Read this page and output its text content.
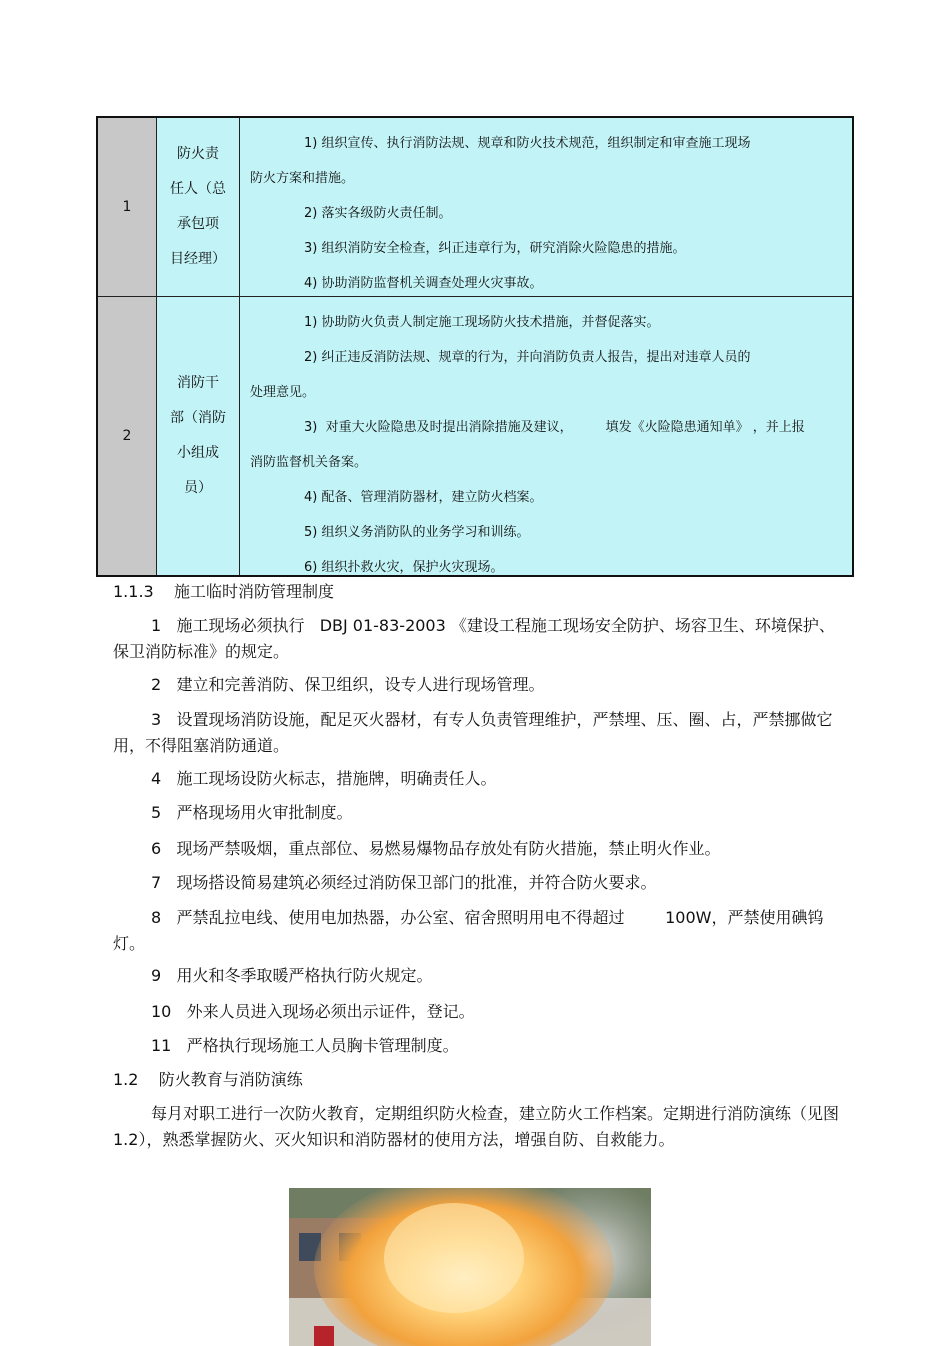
1
防火责
任人（总
承包项
目经理）

1) 组织宣传、执行消防法规、规章和防火技术规范，组织制定和审查施工现场

防火方案和措施。

2) 落实各级防火责任制。

3) 组织消防安全检查，纠正违章行为，研究消除火险隐患的措施。

4) 协助消防监督机关调查处理火灾事故。

2
消防干
部（消防
小组成
员）

1) 协助防火负责人制定施工现场防火技术措施，并督促落实。

2) 纠正违反消防法规、规章的行为，并向消防负责人报告，提出对违章人员的

处理意见。

3)  对重大火险隐患及时提出消除措施及建议，        填发《火险隐患通知单》 ，并上报

消防监督机关备案。

4) 配备、管理消防器材，建立防火档案。

5) 组织义务消防队的业务学习和训练。

6) 组织扑救火灾，保护火灾现场。

1.1.3    施工临时消防管理制度

1   施工现场必须执行   DBJ 01-83-2003 《建设工程施工现场安全防护、场容卫生、环境保护、保卫消防标准》的规定。

2   建立和完善消防、保卫组织，设专人进行现场管理。

3   设置现场消防设施，配足灭火器材，有专人负责管理维护，严禁埋、压、圈、占，严禁挪做它用，不得阻塞消防通道。

4   施工现场设防火标志，措施牌，明确责任人。

5   严格现场用火审批制度。

6   现场严禁吸烟，重点部位、易燃易爆物品存放处有防火措施，禁止明火作业。

7   现场搭设简易建筑必须经过消防保卫部门的批准，并符合防火要求。

8   严禁乱拉电线、使用电加热器，办公室、宿舍照明用电不得超过        100W，严禁使用碘钨灯。

9   用火和冬季取暖严格执行防火规定。

10   外来人员进入现场必须出示证件，登记。

11   严格执行现场施工人员胸卡管理制度。

1.2    防火教育与消防演练

每月对职工进行一次防火教育，定期组织防火检查，建立防火工作档案。定期进行消防演练（见图   1.2），熟悉掌握防火、灭火知识和消防器材的使用方法，增强自防、自救能力。
